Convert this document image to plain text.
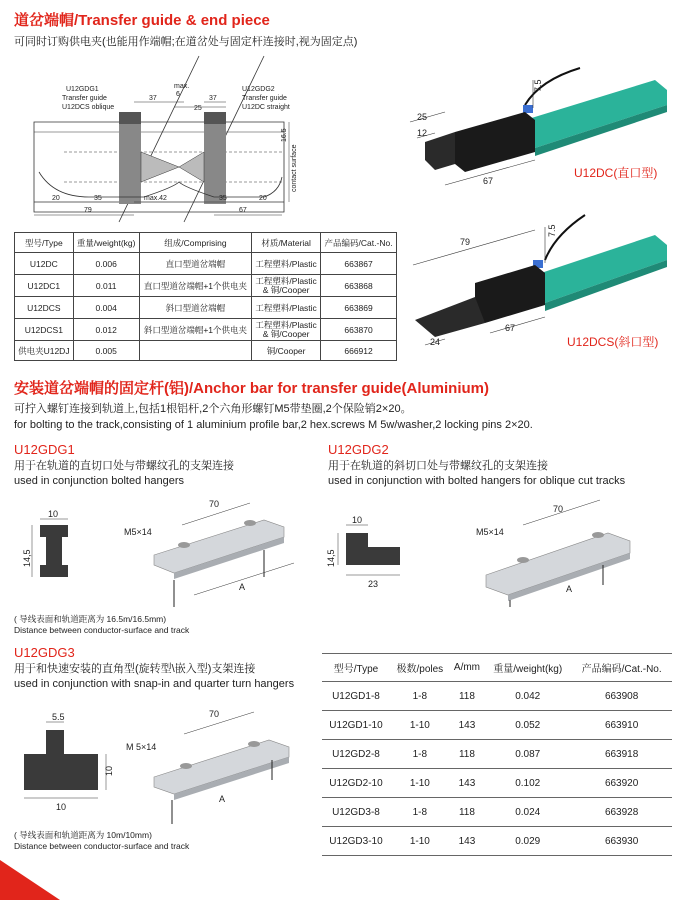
道岔端帽/Transfer guide & end piece
可同时订购供电夹(也能用作端帽;在道岔处与固定杆连接时,视为固定点)
U12GDG1
Transfer guide
U12DCS oblique
U12GDG2
Transfer guide
U12DC straight
max.
6
37	37
25
contact surface
16.5
20	35
79
max.42	35	20
67
25
12
67
7.5
U12DC(直口型)
79
7.5
67
24	U12DCS(斜口型)
型号/Type	重量/weight(kg)	组成/Comprising	材质/Material	产品编码/Cat.-No.
U12DC	0.006	直口型道岔端帽	工程塑料/Plastic	663867
U12DC1	0.011	直口型道岔端帽+1个供电夹	工程塑料/Plastic
& 铜/Cooper	663868
U12DCS	0.004	斜口型道岔端帽	工程塑料/Plastic	663869
U12DCS1	0.012	斜口型道岔端帽+1个供电夹	工程塑料/Plastic
& 铜/Cooper	663870
供电夹U12DJ	0.005		铜/Cooper	666912
安装道岔端帽的固定杆(铝)/Anchor bar for transfer guide(Aluminium)
可拧入螺钉连接到轨道上,包括1根铝杆,2个六角形螺钉M5带垫圈,2个保险销2×20。
for bolting to the track,consisting of 1 aluminium profile bar,2 hex.screws M 5w/washer,2 locking pins 2×20.
U12GDG1
用于在轨道的直切口处与带螺纹孔的支架连接
used in conjunction bolted hangers
10
14,5
70
M5×14
A
( 导线表面和轨道距离为 16.5m/16.5mm)
Distance between conductor-surface and track
U12GDG2
用于在轨道的斜切口处与带螺纹孔的支架连接
used in conjunction with bolted hangers for oblique cut tracks
10
14,5
23
70
M5×14
A
U12GDG3
用于和快速安装的直角型(旋转型\嵌入型)支架连接
used in conjunction with snap-in and quarter turn hangers
5.5
10
10
70
M 5×14
A
( 导线表面和轨道距离为 10m/10mm)
Distance between conductor-surface and track
型号/Type	极数/poles	A/mm	重量/weight(kg)	产品编码/Cat.-No.
U12GD1-8	1-8	118	0.042	663908
U12GD1-10	1-10	143	0.052	663910
U12GD2-8	1-8	118	0.087	663918
U12GD2-10	1-10	143	0.102	663920
U12GD3-8	1-8	118	0.024	663928
U12GD3-10	1-10	143	0.029	663930
